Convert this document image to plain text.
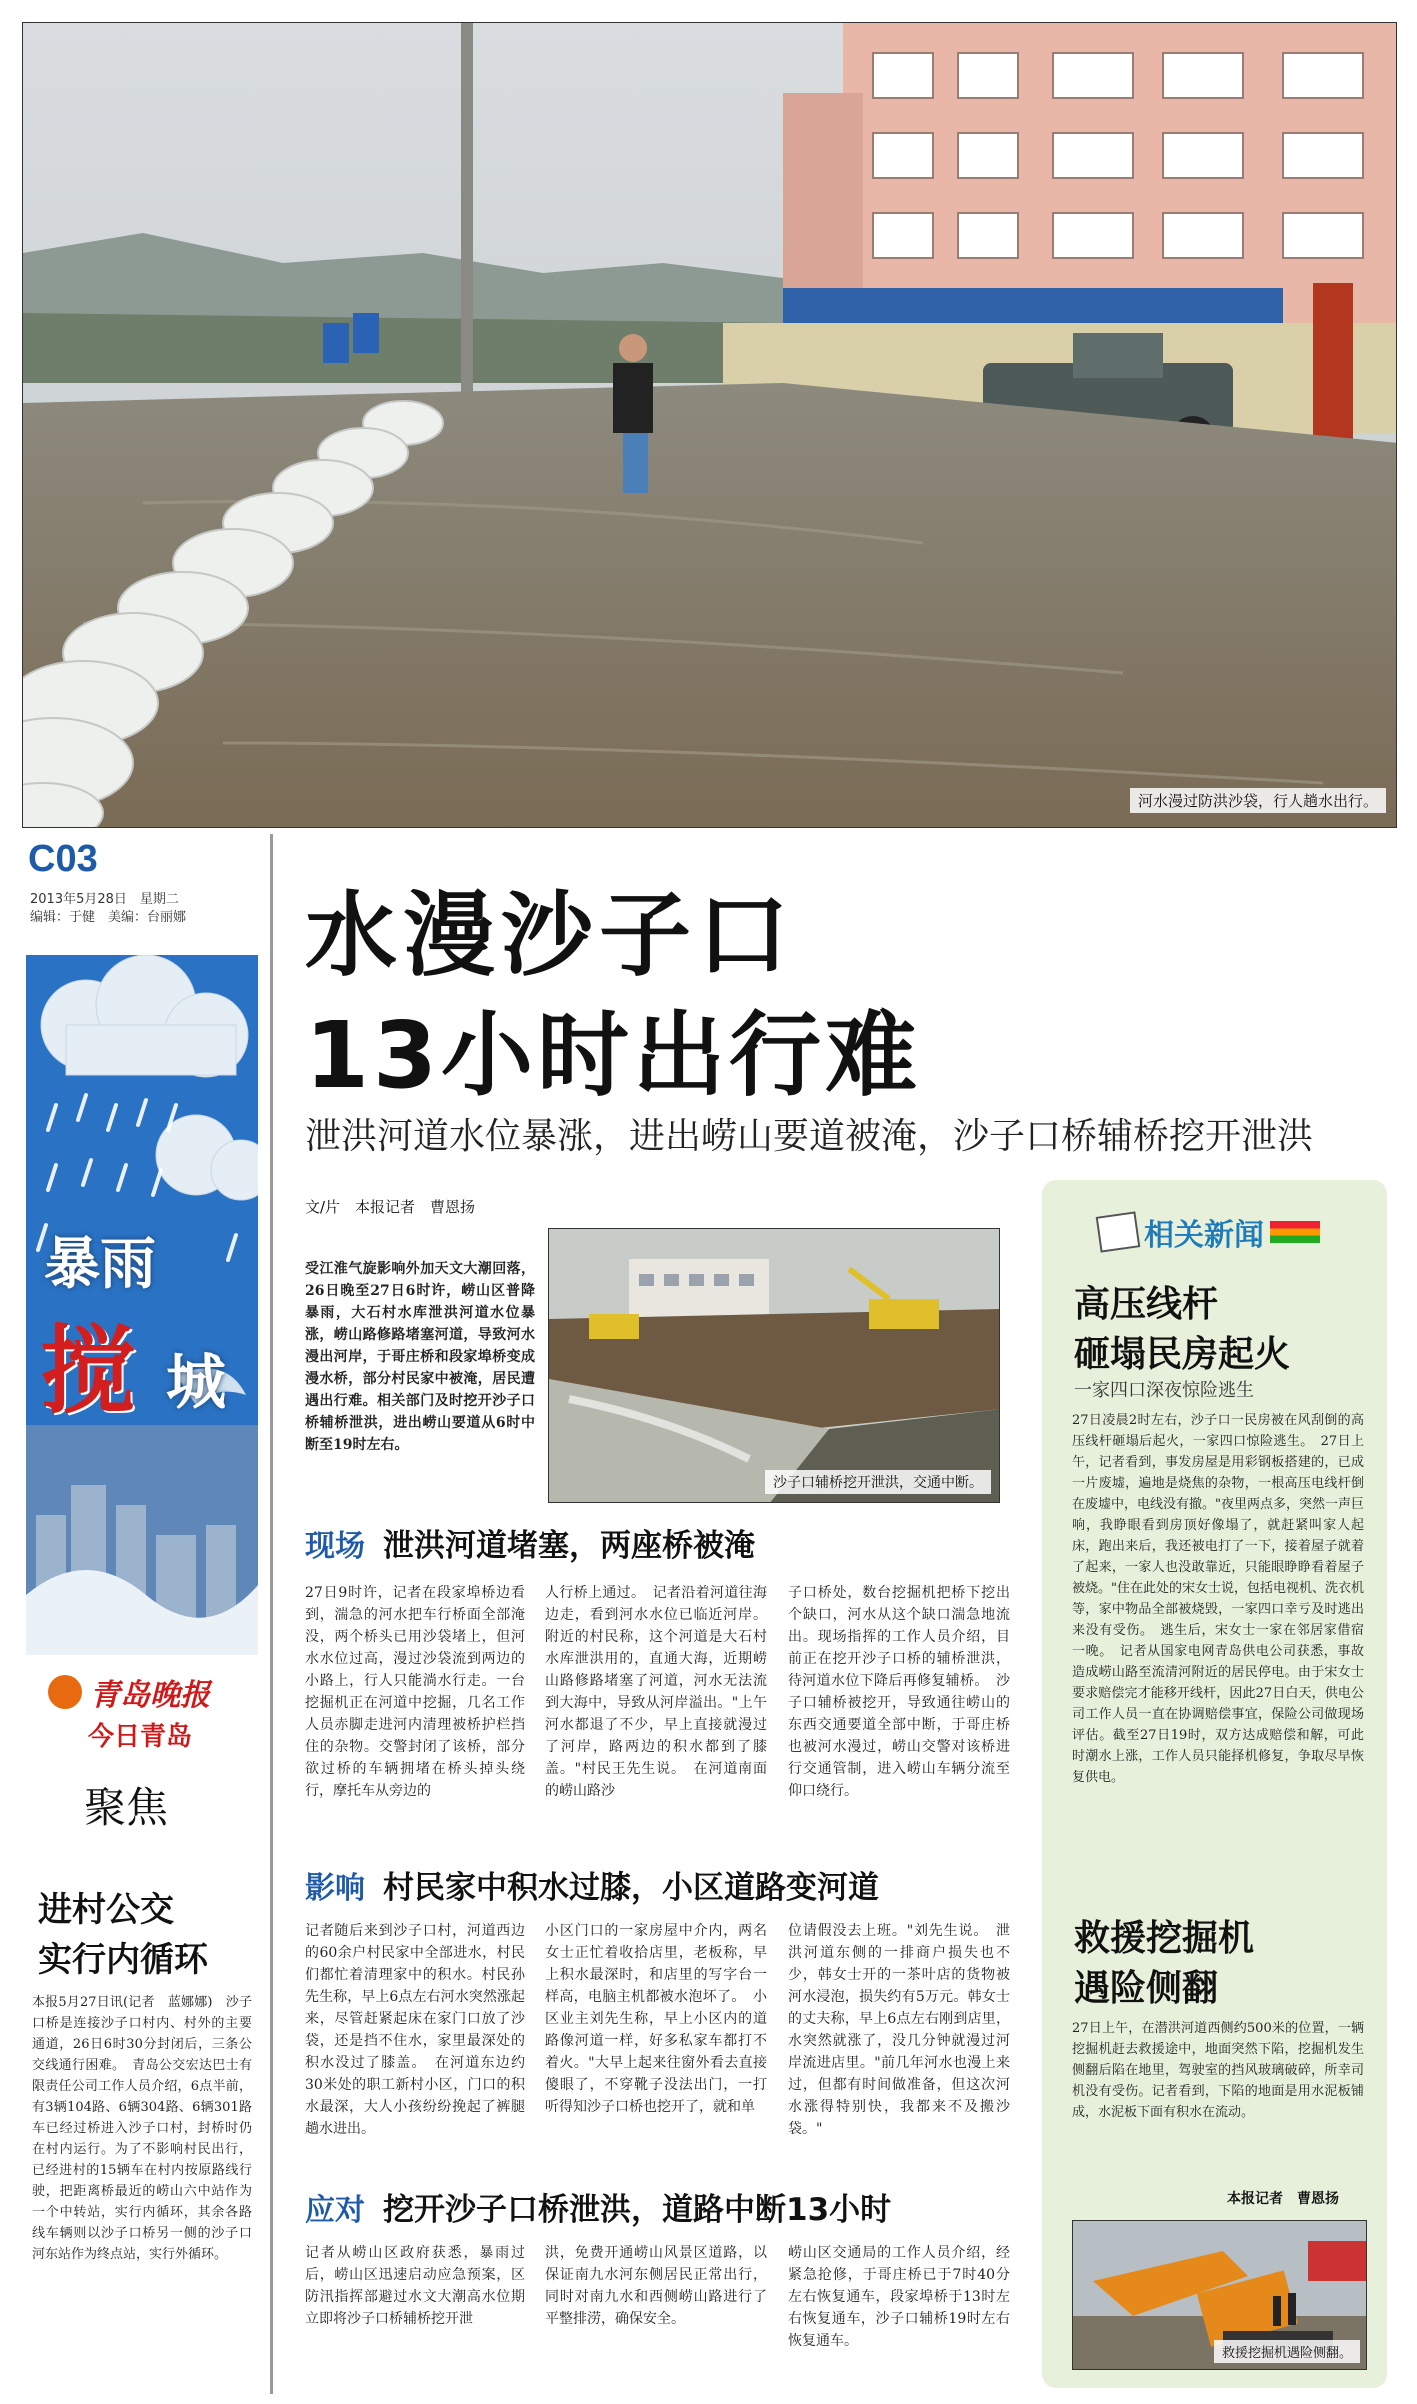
河水漫过防洪沙袋，行人趟水出行。
C03
2013年5月28日　星期二
编辑：于健　美编：台丽娜
暴雨
搅 城
青岛晚报
今日青岛
聚焦
进村公交
实行内循环
本报5月27日讯(记者　蓝娜娜)　沙子口桥是连接沙子口村内、村外的主要通道，26日6时30分封闭后，三条公交线通行困难。　青岛公交宏达巴士有限责任公司工作人员介绍，6点半前，有3辆104路、6辆304路、6辆301路车已经过桥进入沙子口村，封桥时仍在村内运行。为了不影响村民出行，已经进村的15辆车在村内按原路线行驶，把距离桥最近的崂山六中站作为一个中转站，实行内循环，其余各路线车辆则以沙子口桥另一侧的沙子口河东站作为终点站，实行外循环。
水漫沙子口
13小时出行难
泄洪河道水位暴涨，进出崂山要道被淹，沙子口桥辅桥挖开泄洪
文/片　本报记者　曹恩扬
受江淮气旋影响外加天文大潮回落，26日晚至27日6时许，崂山区普降暴雨，大石村水库泄洪河道水位暴涨，崂山路修路堵塞河道，导致河水漫出河岸，于哥庄桥和段家埠桥变成漫水桥，部分村民家中被淹，居民遭遇出行难。相关部门及时挖开沙子口桥辅桥泄洪，进出崂山要道从6时中断至19时左右。
沙子口辅桥挖开泄洪，交通中断。
现场 泄洪河道堵塞，两座桥被淹
27日9时许，记者在段家埠桥边看到，湍急的河水把车行桥面全部淹没，两个桥头已用沙袋堵上，但河水水位过高，漫过沙袋流到两边的小路上，行人只能淌水行走。一台挖掘机正在河道中挖掘，几名工作人员赤脚走进河内清理被桥护栏挡住的杂物。交警封闭了该桥，部分欲过桥的车辆拥堵在桥头掉头绕行，摩托车从旁边的
人行桥上通过。　记者沿着河道往海边走，看到河水水位已临近河岸。附近的村民称，这个河道是大石村水库泄洪用的，直通大海，近期崂山路修路堵塞了河道，河水无法流到大海中，导致从河岸溢出。"上午河水都退了不少，早上直接就漫过了河岸，路两边的积水都到了膝盖。"村民王先生说。　在河道南面的崂山路沙
子口桥处，数台挖掘机把桥下挖出个缺口，河水从这个缺口湍急地流出。现场指挥的工作人员介绍，目前正在挖开沙子口桥的辅桥泄洪，待河道水位下降后再修复辅桥。　沙子口辅桥被挖开，导致通往崂山的东西交通要道全部中断，于哥庄桥也被河水漫过，崂山交警对该桥进行交通管制，进入崂山车辆分流至仰口绕行。
影响 村民家中积水过膝，小区道路变河道
记者随后来到沙子口村，河道西边的60余户村民家中全部进水，村民们都忙着清理家中的积水。村民孙先生称，早上6点左右河水突然涨起来，尽管赶紧起床在家门口放了沙袋，还是挡不住水，家里最深处的积水没过了膝盖。　在河道东边约30米处的职工新村小区，门口的积水最深，大人小孩纷纷挽起了裤腿趟水进出。
小区门口的一家房屋中介内，两名女士正忙着收拾店里，老板称，早上积水最深时，和店里的写字台一样高，电脑主机都被水泡坏了。　小区业主刘先生称，早上小区内的道路像河道一样，好多私家车都打不着火。"大早上起来往窗外看去直接傻眼了，不穿靴子没法出门，一打听得知沙子口桥也挖开了，就和单
位请假没去上班。"刘先生说。　泄洪河道东侧的一排商户损失也不少，韩女士开的一茶叶店的货物被河水浸泡，损失约有5万元。韩女士的丈夫称，早上6点左右刚到店里，水突然就涨了，没几分钟就漫过河岸流进店里。"前几年河水也漫上来过，但都有时间做准备，但这次河水涨得特别快，我都来不及搬沙袋。"
应对 挖开沙子口桥泄洪，道路中断13小时
记者从崂山区政府获悉，暴雨过后，崂山区迅速启动应急预案，区防汛指挥部避过水文大潮高水位期立即将沙子口桥辅桥挖开泄
洪，免费开通崂山风景区道路，以保证南九水河东侧居民正常出行，同时对南九水和西侧崂山路进行了平整排涝，确保安全。
崂山区交通局的工作人员介绍，经紧急抢修，于哥庄桥已于7时40分左右恢复通车，段家埠桥于13时左右恢复通车，沙子口辅桥19时左右恢复通车。
相关新闻
高压线杆
砸塌民房起火
一家四口深夜惊险逃生
27日凌晨2时左右，沙子口一民房被在风刮倒的高压线杆砸塌后起火，一家四口惊险逃生。　27日上午，记者看到，事发房屋是用彩钢板搭建的，已成一片废墟，遍地是烧焦的杂物，一根高压电线杆倒在废墟中，电线没有撤。"夜里两点多，突然一声巨响，我睁眼看到房顶好像塌了，就赶紧叫家人起床，跑出来后，我还被电打了一下，接着屋子就着了起来，一家人也没敢靠近，只能眼睁睁看着屋子被烧。"住在此处的宋女士说，包括电视机、洗衣机等，家中物品全部被烧毁，一家四口幸亏及时逃出来没有受伤。　逃生后，宋女士一家在邻居家借宿一晚。　记者从国家电网青岛供电公司获悉，事故造成崂山路至流清河附近的居民停电。由于宋女士要求赔偿完才能移开线杆，因此27日白天，供电公司工作人员一直在协调赔偿事宜，保险公司做现场评估。截至27日19时，双方达成赔偿和解，可此时潮水上涨，工作人员只能择机修复，争取尽早恢复供电。
救援挖掘机
遇险侧翻
27日上午，在潜洪河道西侧约500米的位置，一辆挖掘机赶去救援途中，地面突然下陷，挖掘机发生侧翻后陷在地里，驾驶室的挡风玻璃破碎，所幸司机没有受伤。记者看到，下陷的地面是用水泥板铺成，水泥板下面有积水在流动。
本报记者　曹恩扬
救援挖掘机遇险侧翻。
